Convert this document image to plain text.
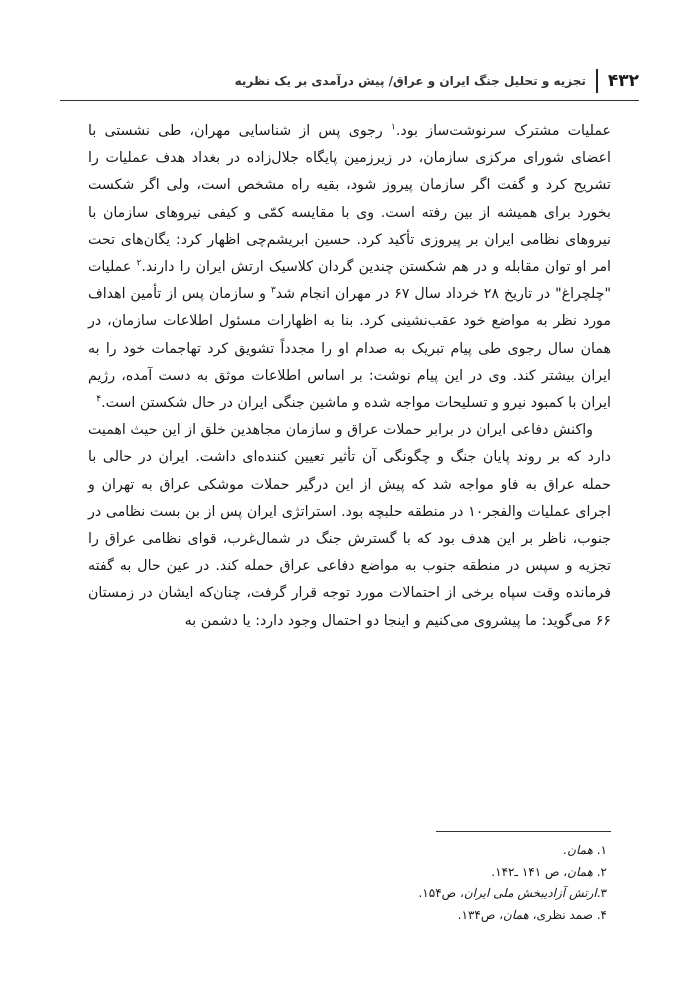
۴۳۲
تجزیه و تحلیل جنگ ایران و عراق/ پیش درآمدی بر یک نظریه

عملیات مشترک سرنوشت‌ساز بود.$^۱$ رجوی پس از شناسایی مهران، طی نشستی با اعضای شورای مرکزی سازمان، در زیرزمین پایگاه جلال‌زاده در بغداد هدف عملیات را تشریح کرد و گفت اگر سازمان پیروز شود، بقیه راه مشخص است، ولی اگر شکست بخورد برای همیشه از بین رفته است. وی با مقایسه کمّی و کیفی نیروهای سازمان با نیروهای نظامی ایران بر پیروزی تأکید کرد. حسین ابریشم‌چی اظهار کرد: یگان‌های تحت امر او توان مقابله و در هم شکستن چندین گردان کلاسیک ارتش ایران را دارند.$^۲$ عملیات "چلچراغ" در تاریخ ۲۸ خرداد سال ۶۷ در مهران انجام شد$^۳$ و سازمان پس از تأمین اهداف مورد نظر به مواضع خود عقب‌نشینی کرد. بنا به اظهارات مسئول اطلاعات سازمان، در همان سال رجوی طی پیام تبریک به صدام او را مجدداً تشویق کرد تهاجمات خود را به ایران بیشتر کند. وی در این پیام نوشت: بر اساس اطلاعات موثق به دست آمده، رژیم ایران با کمبود نیرو و تسلیحات مواجه شده و ماشین جنگی ایران در حال شکستن است.$^۴$

واکنش دفاعی ایران در برابر حملات عراق و سازمان مجاهدین خلق از این حیث اهمیت دارد که بر روند پایان جنگ و چگونگی آن تأثیر تعیین کننده‌ای داشت. ایران در حالی با حمله عراق به فاو مواجه شد که پیش از این درگیر حملات موشکی عراق به تهران و اجرای عملیات والفجر۱۰ در منطقه حلبچه بود. استراتژی ایران پس از بن بست نظامی در جنوب، ناظر بر این هدف بود که با گسترش جنگ در شمال‌غرب، قوای نظامی عراق را تجزیه و سپس در منطقه جنوب به مواضع دفاعی عراق حمله کند. در عین حال به گفته فرمانده وقت سپاه برخی از احتمالات مورد توجه قرار گرفت، چنان‌که ایشان در زمستان ۶۶ می‌گوید: ما پیشروی می‌کنیم و اینجا دو احتمال وجود دارد: یا دشمن به

۱. همان.
۲. همان، ص ۱۴۱ ـ۱۴۲.
۳.ارتش آزادیبخش ملی ایران، ص۱۵۴.
۴. صمد نظری، همان، ص۱۳۴.
